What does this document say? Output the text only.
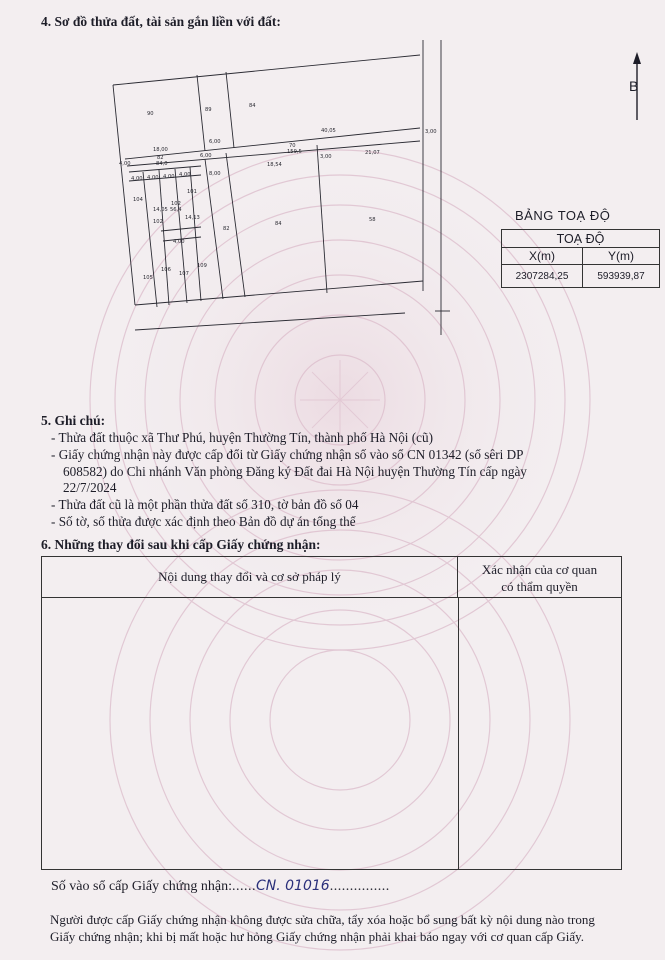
4. Sơ đồ thửa đất, tài sản gắn liền với đất:
90
89
84
18,00
6,00
70
159,5
40,05	3,00
82
84,0
4,00
6,00	3,00
18,54
21,07
4,00 4,00 4,00 4,00	8,00
101
104
14,05
102
56,4
14,13
82
84
58
102
4,00
109
106
105
107
B
BẢNG TOẠ ĐỘ
TOẠ ĐỘ	
X(m)	Y(m)
2307284,25	593939,87
5. Ghi chú:
- Thửa đất thuộc xã Thư Phú, huyện Thường Tín, thành phố Hà Nội (cũ)
- Giấy chứng nhận này được cấp đổi từ Giấy chứng nhận số vào sổ CN 01342 (số sêri DP
608582) do Chi nhánh Văn phòng Đăng ký Đất đai Hà Nội huyện Thường Tín cấp ngày
22/7/2024
- Thửa đất cũ là một phần thửa đất số 310, tờ bản đồ số 04
- Số tờ, số thửa được xác định theo Bản đồ dự án tổng thể
6. Những thay đổi sau khi cấp Giấy chứng nhận:
Nội dung thay đổi và cơ sở pháp lý	Xác nhận của cơ quan
có thẩm quyền
Số vào sổ cấp Giấy chứng nhận:......CN. 01016...............
Người được cấp Giấy chứng nhận không được sửa chữa, tẩy xóa hoặc bổ sung bất kỳ nội dung nào trong
Giấy chứng nhận; khi bị mất hoặc hư hỏng Giấy chứng nhận phải khai báo ngay với cơ quan cấp Giấy.
